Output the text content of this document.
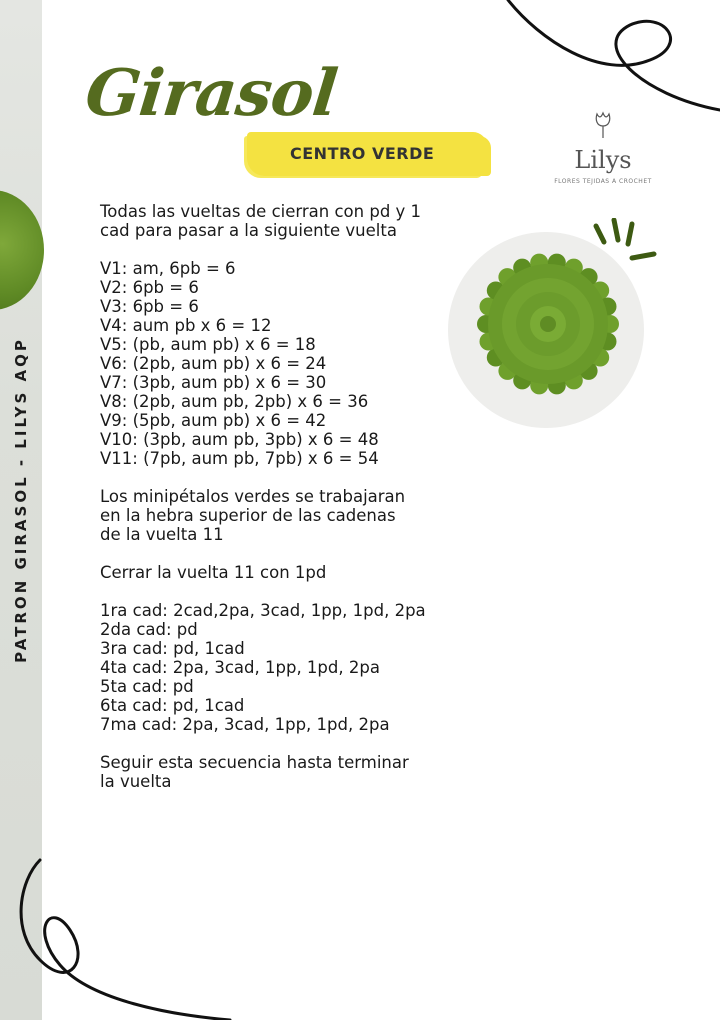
PATRON GIRASOL - LILYS AQP
Girasol
CENTRO VERDE	Lilys
FLORES TEJIDAS A CROCHET

Todas las vueltas de cierran con pd y 1

cad para pasar a la siguiente vuelta

V1: am, 6pb = 6

V2: 6pb = 6

V3: 6pb = 6

V4: aum pb x 6 = 12

V5: (pb, aum pb) x 6 = 18

V6: (2pb, aum pb) x 6 = 24

V7: (3pb, aum pb) x 6 = 30

V8: (2pb, aum pb, 2pb) x 6 = 36

V9: (5pb, aum pb) x 6 = 42

V10: (3pb, aum pb, 3pb) x 6 = 48

V11: (7pb, aum pb, 7pb) x 6 = 54

Los minipétalos verdes se trabajaran

en la hebra superior de las cadenas

de la vuelta 11

Cerrar la vuelta 11 con 1pd

1ra cad: 2cad,2pa, 3cad, 1pp, 1pd, 2pa

2da cad: pd

3ra cad: pd, 1cad

4ta cad: 2pa, 3cad, 1pp, 1pd, 2pa

5ta cad: pd

6ta cad: pd, 1cad

7ma cad: 2pa, 3cad, 1pp, 1pd, 2pa

Seguir esta secuencia hasta terminar

la vuelta
